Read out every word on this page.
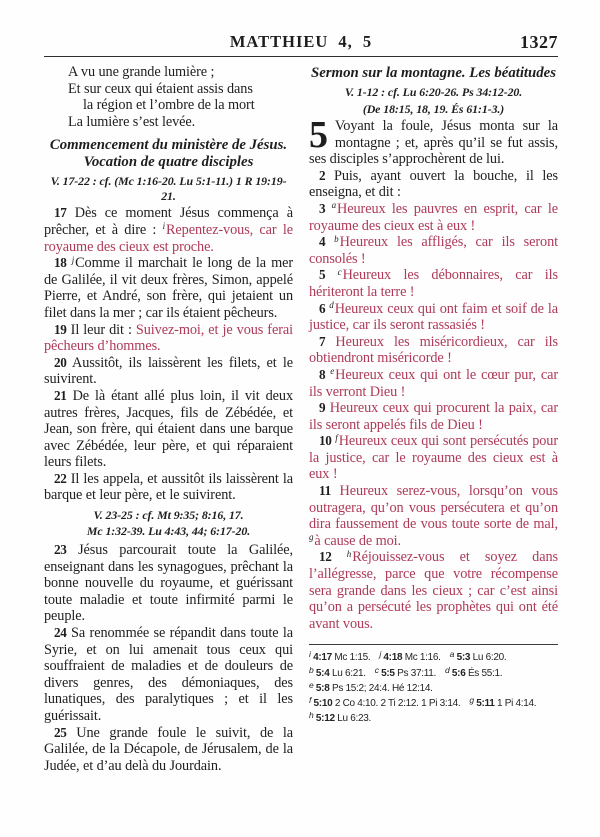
MATTHIEU 4, 5	1327
A vu une grande lumière ;
Et sur ceux qui étaient assis dans
la région et l’ombre de la mort
La lumière s’est levée.
Commencement du ministère de Jésus. Vocation de quatre disciples
V. 17-22 : cf. (Mc 1:16-20. Lu 5:1-11.) 1 R 19:19-21.

17 Dès ce moment Jésus commença à prêcher, et à dire : $^i$Repentez-vous, car le royaume des cieux est proche.

18 $^j$Comme il marchait le long de la mer de Galilée, il vit deux frères, Simon, appelé Pierre, et André, son frère, qui jetaient un filet dans la mer ; car ils étaient pêcheurs.

19 Il leur dit : Suivez-moi, et je vous ferai pêcheurs d’hommes.

20 Aussitôt, ils laissèrent les filets, et le suivirent.

21 De là étant allé plus loin, il vit deux autres frères, Jacques, fils de Zébédée, et Jean, son frère, qui étaient dans une barque avec Zébédée, leur père, et qui réparaient leurs filets.

22 Il les appela, et aussitôt ils laissèrent la barque et leur père, et le suivirent.

V. 23-25 : cf. Mt 9:35; 8:16, 17.
Mc 1:32-39. Lu 4:43, 44; 6:17-20.

23 Jésus parcourait toute la Galilée, enseignant dans les synagogues, prêchant la bonne nouvelle du royaume, et guérissant toute maladie et toute infirmité parmi le peuple.

24 Sa renommée se répandit dans toute la Syrie, et on lui amenait tous ceux qui souffraient de maladies et de douleurs de divers genres, des démoniaques, des lunatiques, des paralytiques ; et il les guérissait.

25 Une grande foule le suivit, de la Galilée, de la Décapole, de Jérusalem, de la Judée, et d’au delà du Jourdain.

Sermon sur la montagne. Les béatitudes
V. 1-12 : cf. Lu 6:20-26. Ps 34:12-20.
(De 18:15, 18, 19. És 61:1-3.)

5 Voyant la foule, Jésus monta sur la montagne ; et, après qu’il se fut assis, ses disciples s’approchèrent de lui.

2 Puis, ayant ouvert la bouche, il les enseigna, et dit :

3 $^a$Heureux les pauvres en esprit, car le royaume des cieux est à eux !

4 $^b$Heureux les affligés, car ils seront consolés !

5 $^c$Heureux les débonnaires, car ils hériteront la terre !

6 $^d$Heureux ceux qui ont faim et soif de la justice, car ils seront rassasiés !

7 Heureux les miséricordieux, car ils obtiendront miséricorde !

8 $^e$Heureux ceux qui ont le cœur pur, car ils verront Dieu !

9 Heureux ceux qui procurent la paix, car ils seront appelés fils de Dieu !

10 $^f$Heureux ceux qui sont persécutés pour la justice, car le royaume des cieux est à eux !

11 Heureux serez-vous, lorsqu’on vous outragera, qu’on vous persécutera et qu’on dira faussement de vous toute sorte de mal, $^g$à cause de moi.

12 $^h$Réjouissez-vous et soyez dans l’allégresse, parce que votre récompense sera grande dans les cieux ; car c’est ainsi qu’on a persécuté les prophètes qui ont été avant vous.

$^i$ 4:17 Mc 1:15. $^j$ 4:18 Mc 1:16. $^a$ 5:3 Lu 6:20.
$^b$ 5:4 Lu 6:21. $^c$ 5:5 Ps 37:11. $^d$ 5:6 És 55:1.
$^e$ 5:8 Ps 15:2; 24:4. Hé 12:14.
$^f$ 5:10 2 Co 4:10. 2 Ti 2:12. 1 Pi 3:14. $^g$ 5:11 1 Pi 4:14.
$^h$ 5:12 Lu 6:23.
